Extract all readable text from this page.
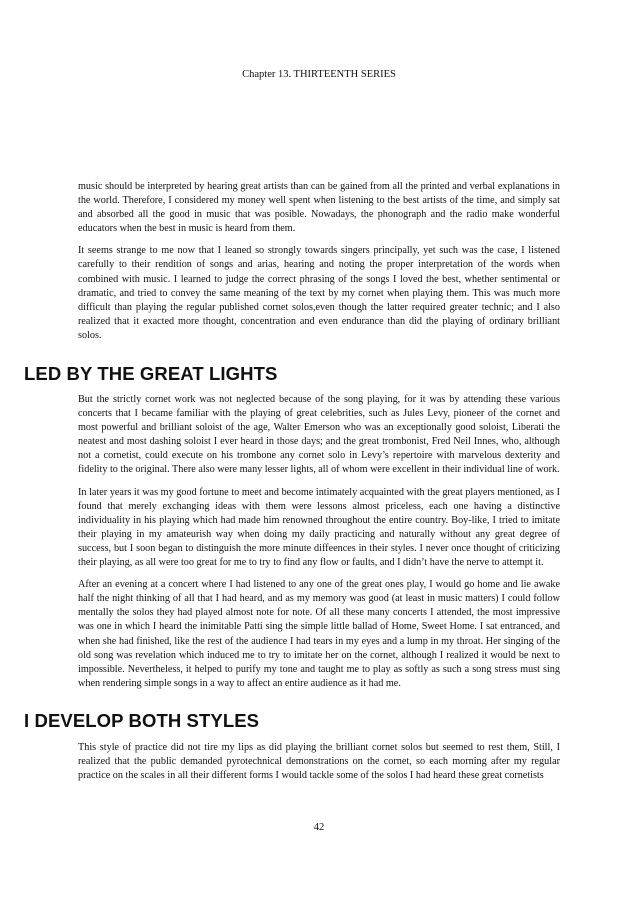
Chapter 13. THIRTEENTH SERIES

music should be interpreted by hearing great artists than can be gained from all the printed and verbal explanations in the world. Therefore, I considered my money well spent when listening to the best artists of the time, and simply sat and absorbed all the good in music that was posible. Nowadays, the phonograph and the radio make wonderful educators when the best in music is heard from them.

It seems strange to me now that I leaned so strongly towards singers principally, yet such was the case, I listened carefully to their rendition of songs and arias, hearing and noting the proper interpretation of the words when combined with music. I learned to judge the correct phrasing of the songs I loved the best, whether sentimental or dramatic, and tried to convey the same meaning of the text by my cornet when playing them. This was much more difficult than playing the regular published cornet solos,even though the latter required greater technic; and I also realized that it exacted more thought, concentration and even endurance than did the playing of ordinary brilliant solos.

LED BY THE GREAT LIGHTS

But the strictly cornet work was not neglected because of the song playing, for it was by attending these various concerts that I became familiar with the playing of great celebrities, such as Jules Levy, pioneer of the cornet and most powerful and brilliant soloist of the age, Walter Emerson who was an exceptionally good soloist, Liberati the neatest and most dashing soloist I ever heard in those days; and the great trombonist, Fred Neil Innes, who, although not a cornetist, could execute on his trombone any cornet solo in Levy’s repertoire with marvelous dexterity and fidelity to the original. There also were many lesser lights, all of whom were excellent in their individual line of work.

In later years it was my good fortune to meet and become intimately acquainted with the great players mentioned, as I found that merely exchanging ideas with them were lessons almost priceless, each one having a distinctive individuality in his playing which had made him renowned throughout the entire country. Boy-like, I tried to imitate their playing in my amateurish way when doing my daily practicing and naturally without any great degree of success, but I soon began to distinguish the more minute diffeences in their styles. I never once thought of criticizing their playing, as all were too great for me to try to find any flow or faults, and I didn’t have the nerve to attempt it.

After an evening at a concert where I had listened to any one of the great ones play, I would go home and lie awake half the night thinking of all that I had heard, and as my memory was good (at least in music matters) I could follow mentally the solos they had played almost note for note. Of all these many concerts I attended, the most impressive was one in which I heard the inimitable Patti sing the simple little ballad of Home, Sweet Home. I sat entranced, and when she had finished, like the rest of the audience I had tears in my eyes and a lump in my throat. Her singing of the old song was revelation which induced me to try to imitate her on the cornet, although I realized it would be next to impossible. Nevertheless, it helped to purify my tone and taught me to play as softly as such a song stress must sing when rendering simple songs in a way to affect an entire audience as it had me.

I DEVELOP BOTH STYLES

This style of practice did not tire my lips as did playing the brilliant cornet solos but seemed to rest them, Still, I realized that the public demanded pyrotechnical demonstrations on the cornet, so each morning after my regular practice on the scales in all their different forms I would tackle some of the solos I had heard these great cornetists

42
